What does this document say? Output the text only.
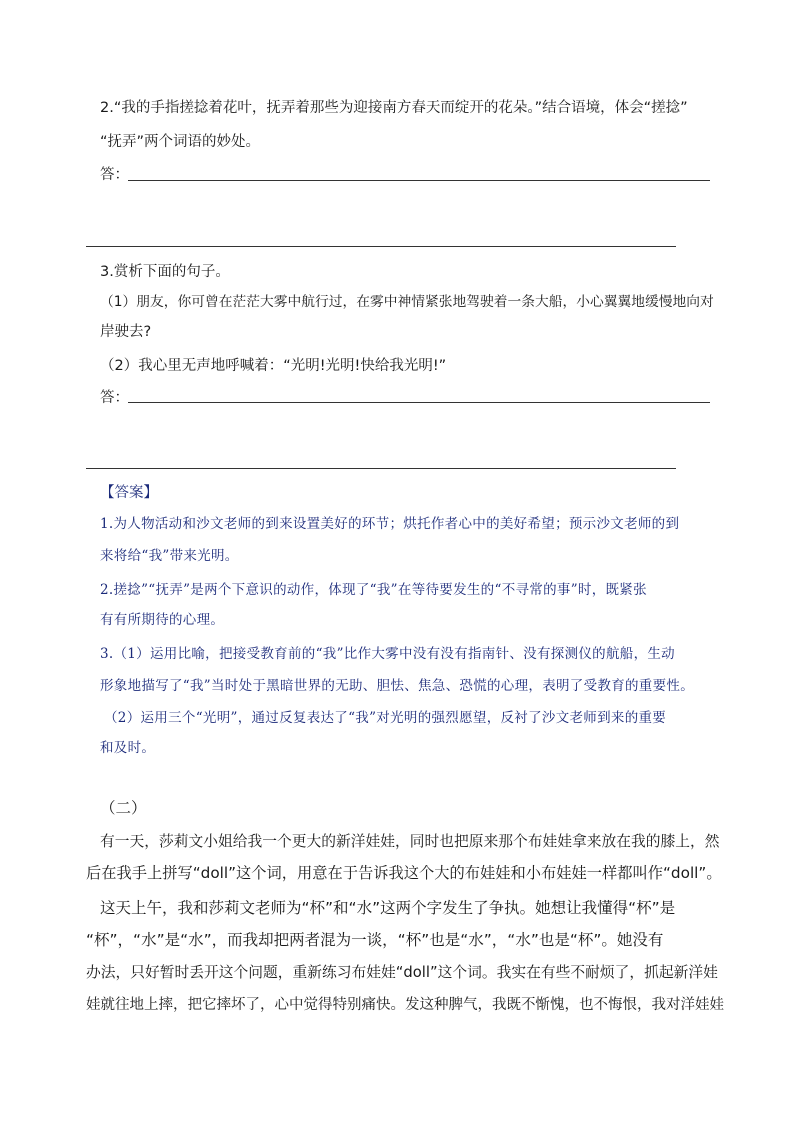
2.“我的手指搓捻着花叶，抚弄着那些为迎接南方春天而绽开的花朵。”结合语境，体会“搓捻”
“抚弄”两个词语的妙处。
答：
3.赏析下面的句子。
（1）朋友，你可曾在茫茫大雾中航行过，在雾中神情紧张地驾驶着一条大船，小心翼翼地缓慢地向对
岸驶去?
（2）我心里无声地呼喊着：“光明!光明!快给我光明!”
答：
【答案】
1.为人物活动和沙文老师的到来设置美好的环节；烘托作者心中的美好希望；预示沙文老师的到
来将给“我”带来光明。
2.搓捻”“抚弄”是两个下意识的动作，体现了“我”在等待要发生的“不寻常的事”时，既紧张
有有所期待的心理。
3.（1）运用比喻，把接受教育前的“我”比作大雾中没有没有指南针、没有探测仪的航船，生动
形象地描写了“我”当时处于黑暗世界的无助、胆怯、焦急、恐慌的心理，表明了受教育的重要性。
（2）运用三个“光明”，通过反复表达了“我”对光明的强烈愿望，反衬了沙文老师到来的重要
和及时。
（二）
有一天，莎莉文小姐给我一个更大的新洋娃娃，同时也把原来那个布娃娃拿来放在我的膝上，然
后在我手上拼写“doll”这个词，用意在于告诉我这个大的布娃娃和小布娃娃一样都叫作“doll”。
这天上午，我和莎莉文老师为“杯”和“水”这两个字发生了争执。她想让我懂得“杯”是
“杯”，“水”是“水”，而我却把两者混为一谈，“杯”也是“水”，“水”也是“杯”。她没有
办法，只好暂时丢开这个问题，重新练习布娃娃“doll”这个词。我实在有些不耐烦了，抓起新洋娃
娃就往地上摔，把它摔坏了，心中觉得特别痛快。发这种脾气，我既不惭愧，也不悔恨，我对洋娃娃
